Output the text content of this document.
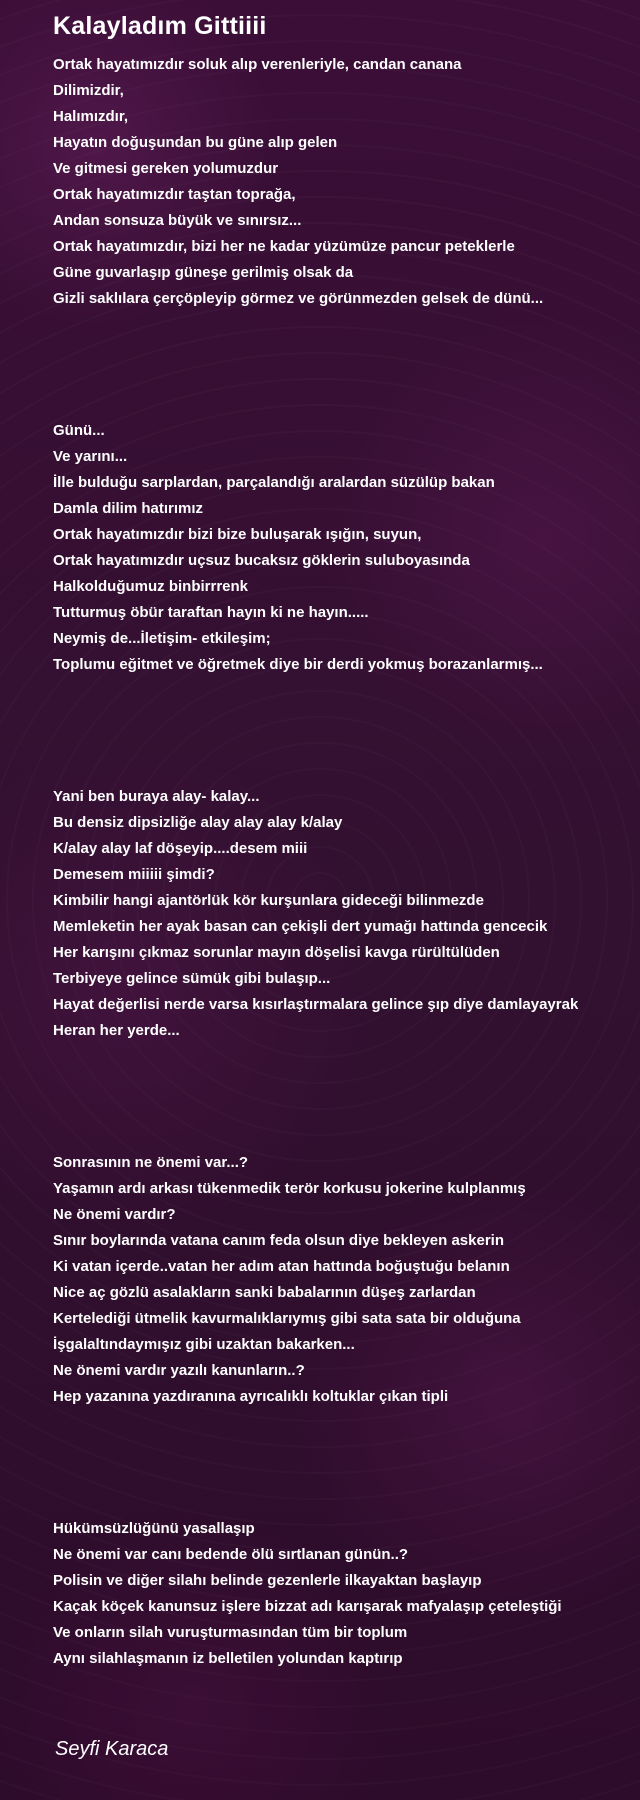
Kalayladım Gittiiii

Ortak hayatımızdır soluk alıp verenleriyle, candan canana
Dilimizdir,
Halımızdır,
Hayatın doğuşundan bu güne alıp gelen
Ve gitmesi gereken yolumuzdur
Ortak hayatımızdır taştan toprağa,
Andan sonsuza büyük ve sınırsız...
Ortak hayatımızdır, bizi her ne kadar yüzümüze pancur peteklerle
Güne guvarlaşıp güneşe gerilmiş olsak da
Gizli saklılara çerçöpleyip görmez ve görünmezden gelsek de dünü...

Günü...
Ve yarını...
İlle bulduğu sarplardan, parçalandığı aralardan süzülüp bakan
Damla dilim hatırımız
Ortak hayatımızdır bizi bize buluşarak ışığın, suyun,
Ortak hayatımızdır uçsuz bucaksız göklerin suluboyasında
Halkolduğumuz binbirrrenk
Tutturmuş öbür taraftan hayın ki ne hayın.....
Neymiş de...İletişim- etkileşim;
Toplumu eğitmet ve öğretmek diye bir derdi yokmuş borazanlarmış...

Yani ben buraya alay- kalay...
Bu densiz dipsizliğe alay alay alay k/alay
K/alay alay laf döşeyip....desem miii
Demesem miiiii şimdi?
Kimbilir hangi ajantörlük kör kurşunlara gideceği bilinmezde
Memleketin her ayak basan can çekişli dert yumağı hattında gencecik
Her karışını çıkmaz sorunlar mayın döşelisi kavga rürültülüden
Terbiyeye gelince sümük gibi bulaşıp...
Hayat değerlisi nerde varsa kısırlaştırmalara gelince şıp diye damlayayrak
Heran her yerde...

Sonrasının ne önemi var...?
Yaşamın ardı arkası tükenmedik terör korkusu jokerine kulplanmış
Ne önemi vardır?
Sınır boylarında vatana canım feda olsun diye bekleyen askerin
Ki vatan içerde..vatan her adım atan hattında boğuştuğu belanın
Nice aç gözlü asalakların sanki babalarının düşeş zarlardan
Kertelediği ütmelik kavurmalıklarıymış gibi sata sata bir olduğuna
İşgalaltındaymışız gibi uzaktan bakarken...
Ne önemi vardır yazılı kanunların..?
Hep yazanına yazdıranına ayrıcalıklı koltuklar çıkan tipli

Hükümsüzlüğünü yasallaşıp
Ne önemi var canı bedende ölü sırtlanan günün..?
Polisin ve diğer silahı belinde gezenlerle ilkayaktan başlayıp
Kaçak köçek kanunsuz işlere bizzat adı karışarak mafyalaşıp çeteleştiği
Ve onların silah vuruşturmasından tüm bir toplum
Aynı silahlaşmanın iz belletilen yolundan kaptırıp

Seyfi Karaca
